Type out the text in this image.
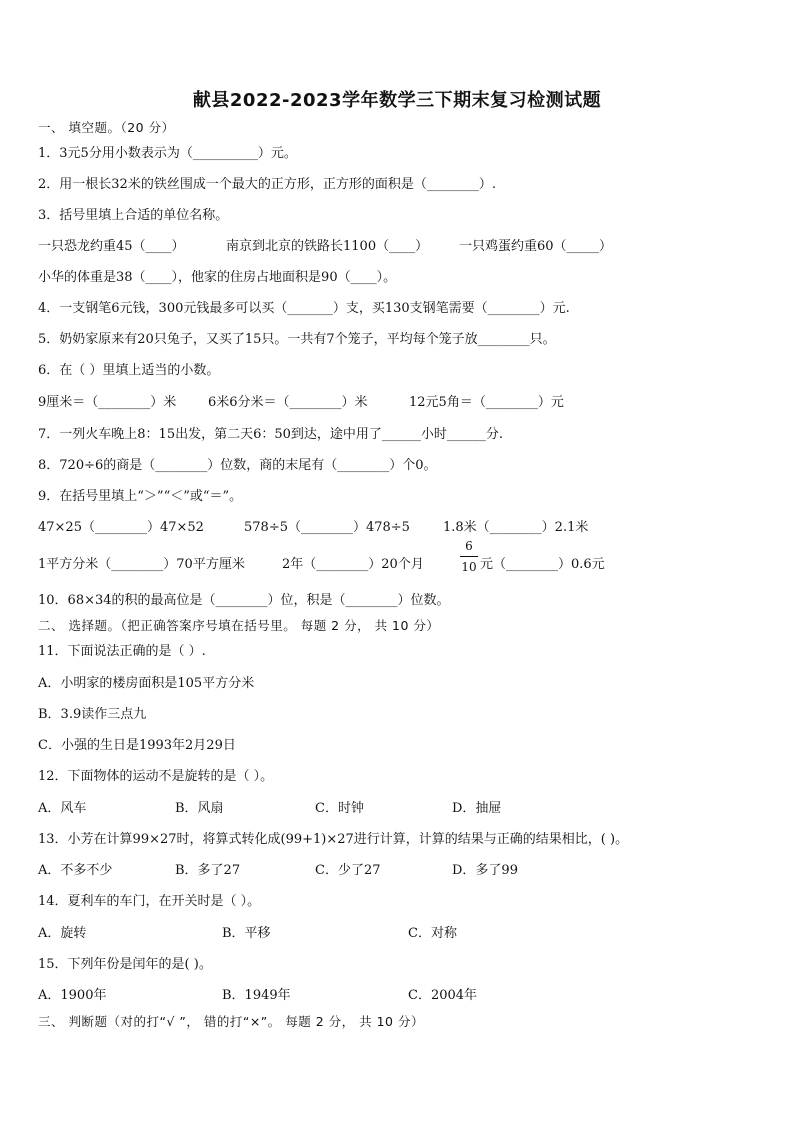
献县2022-2023学年数学三下期末复习检测试题
一、 填空题。（20 分）
1．3元5分用小数表示为（__________）元。
2．用一根长32米的铁丝围成一个最大的正方形，正方形的面积是（________）.
3．括号里填上合适的单位名称。
一只恐龙约重45（____）	南京到北京的铁路长1100（____） 一只鸡蛋约重60（_____）
小华的体重是38（____），他家的住房占地面积是90（____）。
4．一支钢笔6元钱，300元钱最多可以买（_______）支，买130支钢笔需要（________）元.
5．奶奶家原来有20只兔子，又买了15只。一共有7个笼子，平均每个笼子放________只。
6．在（ ）里填上适当的小数。
9厘米＝（________）米 6米6分米＝（________）米	12元5角＝（________）元
7．一列火车晚上8：15出发，第二天6：50到达，途中用了______小时______分.
8．720÷6的商是（________）位数，商的末尾有（________）个0。
9．在括号里填上“＞”“＜”或“＝”。
47×25（________）47×52	578÷5（________）478÷5	1.8米（________）2.1米
1平方分米（________）70平方厘米	2年（________）20个月
6
10 元（________）0.6元
10．68×34的积的最高位是（________）位，积是（________）位数。
二、 选择题。（把正确答案序号填在括号里。 每题 2 分， 共 10 分）
11．下面说法正确的是（ ）.
A．小明家的楼房面积是105平方分米
B．3.9读作三点九
C．小强的生日是1993年2月29日
12．下面物体的运动不是旋转的是（ ）。
A．风车	B．风扇	C．时钟	D．抽屉
13．小芳在计算99×27时，将算式转化成(99+1)×27进行计算，计算的结果与正确的结果相比，( )。
A．不多不少	B．多了27	C．少了27	D．多了99
14．夏利车的车门，在开关时是（ ）。
A．旋转	B．平移	C．对称
15．下列年份是闰年的是( )。
A．1900年	B．1949年	C．2004年
三、 判断题（对的打“√ ”， 错的打“×”。 每题 2 分， 共 10 分）
